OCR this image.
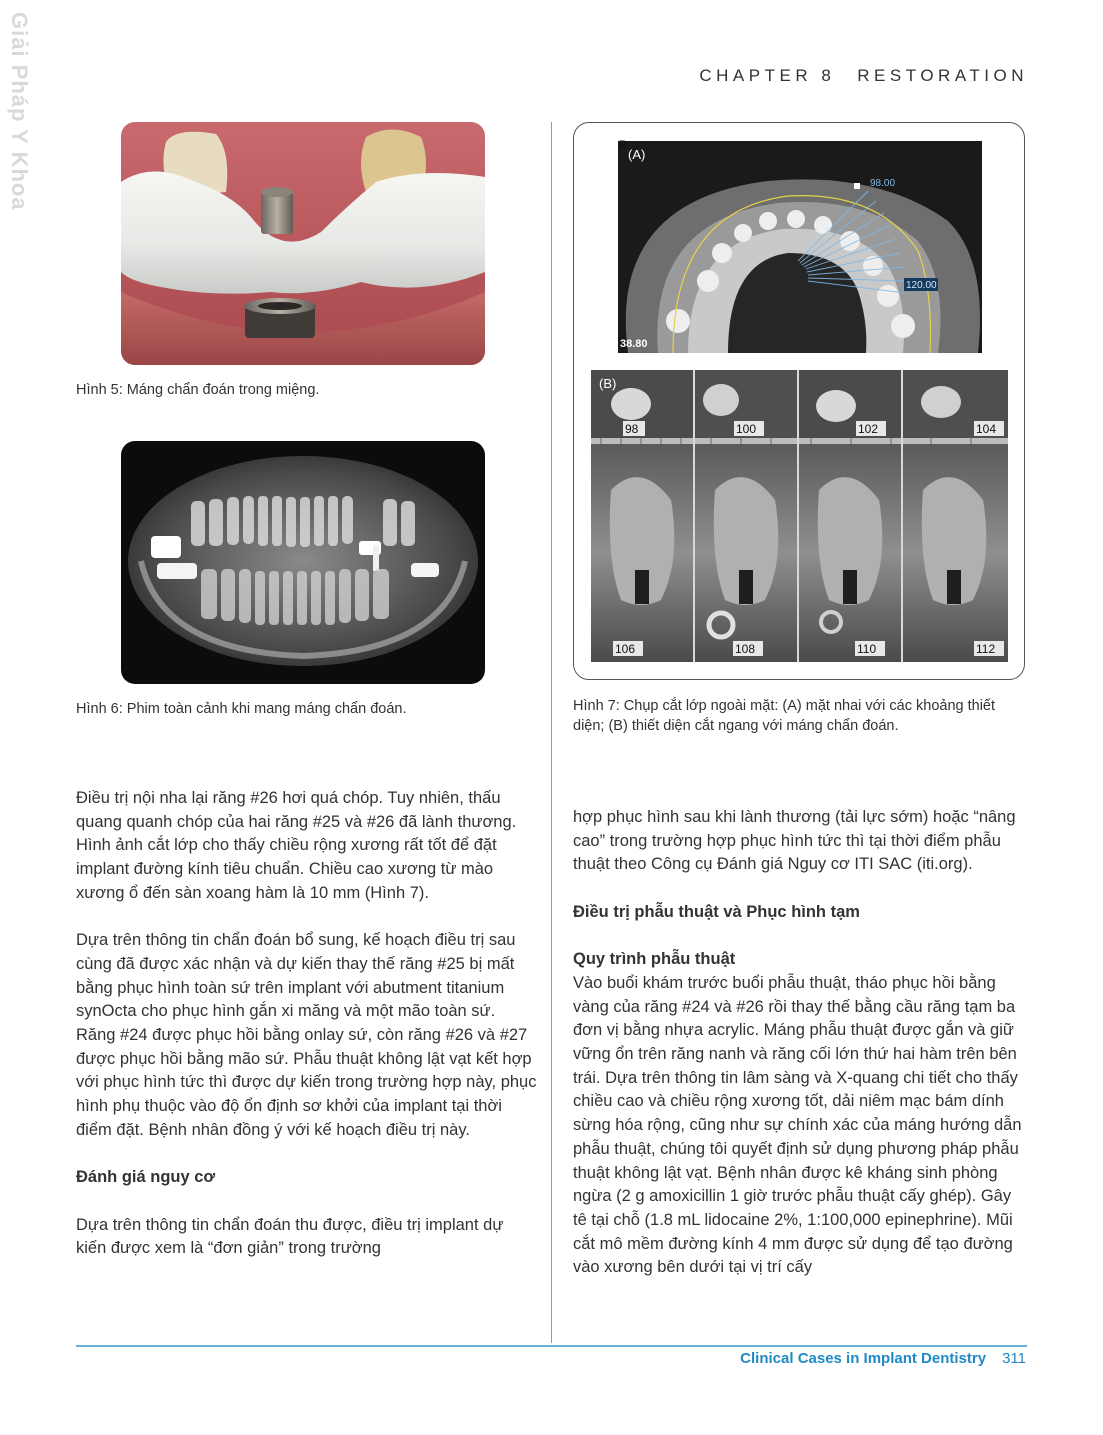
Giải Pháp Y Khoa	CHAPTER 8 RESTORATION
Hình 5: Máng chẩn đoán trong miệng.
Hình 6: Phim toàn cảnh khi mang máng chẩn đoán.
98.00
120.00
(A)
38.80
R
(B)
98	100	102	104
106	108	110	112
Hình 7: Chụp cắt lớp ngoài mặt: (A) mặt nhai với các khoảng thiết diện; (B) thiết diện cắt ngang với máng chẩn đoán.

Điều trị nội nha lại răng #26 hơi quá chóp. Tuy nhiên, thấu quang quanh chóp của hai răng #25 và #26 đã lành thương. Hình ảnh cắt lớp cho thấy chiều rộng xương rất tốt để đặt implant đường kính tiêu chuẩn. Chiều cao xương từ mào xương ổ đến sàn xoang hàm là 10 mm (Hình 7).

Dựa trên thông tin chẩn đoán bổ sung, kế hoạch điều trị sau cùng đã được xác nhận và dự kiến thay thế răng #25 bị mất bằng phục hình toàn sứ trên implant với abutment titanium synOcta cho phục hình gắn xi măng và một mão toàn sứ. Răng #24 được phục hồi bằng onlay sứ, còn răng #26 và #27 được phục hồi bằng mão sứ. Phẫu thuật không lật vạt kết hợp với phục hình tức thì được dự kiến trong trường hợp này, phục hình phụ thuộc vào độ ổn định sơ khởi của implant tại thời điểm đặt. Bệnh nhân đồng ý với kế hoạch điều trị này.

Đánh giá nguy cơ

Dựa trên thông tin chẩn đoán thu được, điều trị implant dự kiến được xem là “đơn giản” trong trường

hợp phục hình sau khi lành thương (tải lực sớm) hoặc “nâng cao” trong trường hợp phục hình tức thì tại thời điểm phẫu thuật theo Công cụ Đánh giá Nguy cơ ITI SAC (iti.org).

Điều trị phẫu thuật và Phục hình tạm
Quy trình phẫu thuật

Vào buổi khám trước buổi phẫu thuật, tháo phục hồi bằng vàng của răng #24 và #26 rồi thay thế bằng cầu răng tạm ba đơn vị bằng nhựa acrylic. Máng phẫu thuật được gắn và giữ vững ổn trên răng nanh và răng cối lớn thứ hai hàm trên bên trái. Dựa trên thông tin lâm sàng và X-quang chi tiết cho thấy chiều cao và chiều rộng xương tốt, dải niêm mạc bám dính sừng hóa rộng, cũng như sự chính xác của máng hướng dẫn phẫu thuật, chúng tôi quyết định sử dụng phương pháp phẫu thuật không lật vạt. Bệnh nhân được kê kháng sinh phòng ngừa (2 g amoxicillin 1 giờ trước phẫu thuật cấy ghép). Gây tê tại chỗ (1.8 mL lidocaine 2%, 1:100,000 epinephrine). Mũi cắt mô mềm đường kính 4 mm được sử dụng để tạo đường vào xương bên dưới tại vị trí cấy

Clinical Cases in Implant Dentistry 311
